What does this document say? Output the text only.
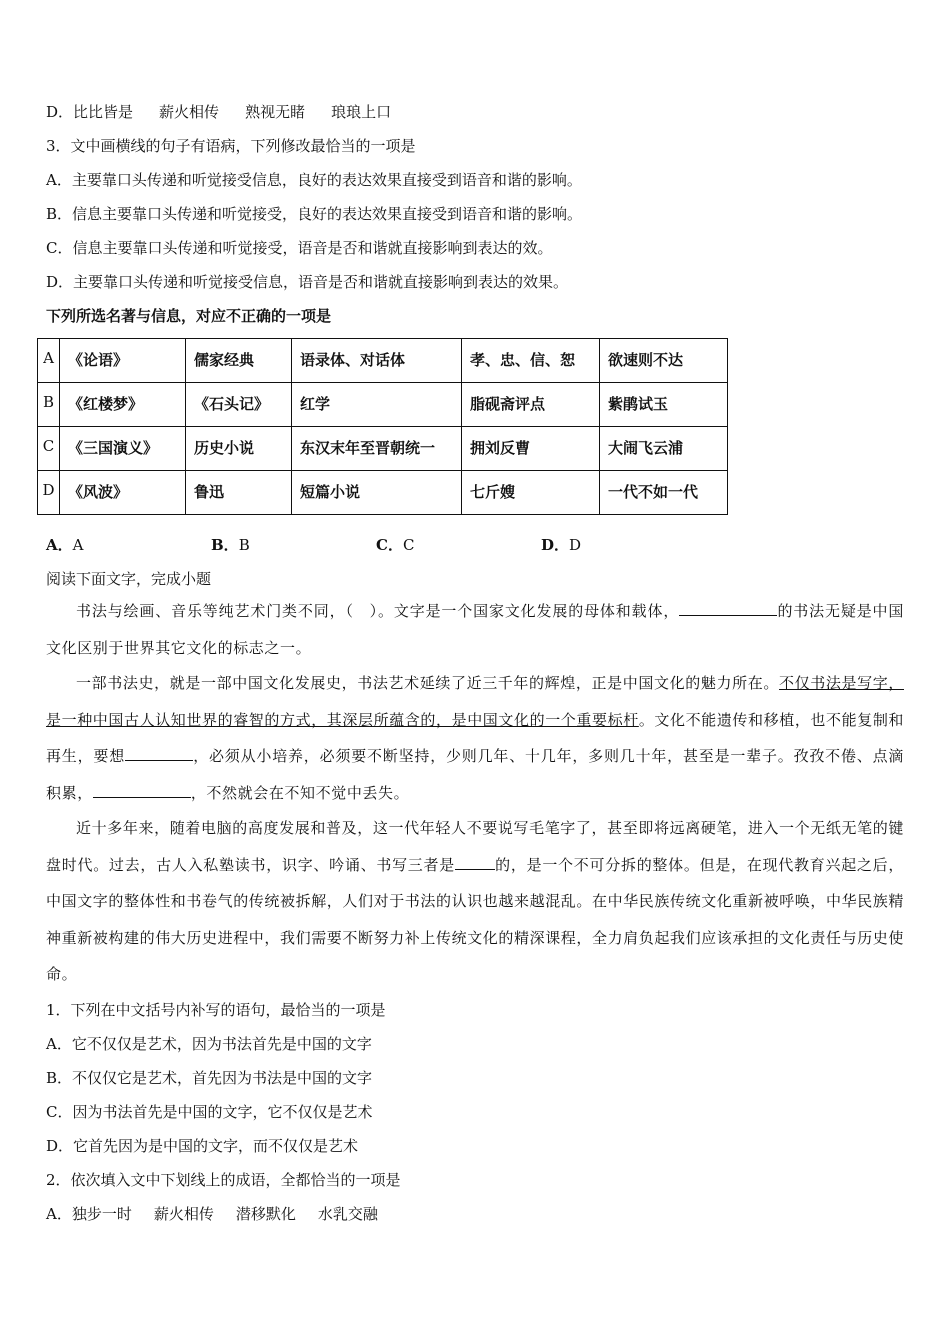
D．比比皆是 薪火相传 熟视无睹 琅琅上口
3．文中画横线的句子有语病，下列修改最恰当的一项是
A．主要靠口头传递和听觉接受信息，良好的表达效果直接受到语音和谐的影响。
B．信息主要靠口头传递和听觉接受，良好的表达效果直接受到语音和谐的影响。
C．信息主要靠口头传递和听觉接受，语音是否和谐就直接影响到表达的效。
D．主要靠口头传递和听觉接受信息，语音是否和谐就直接影响到表达的效果。
下列所选名著与信息，对应不正确的一项是
A	《论语》	儒家经典	语录体、对话体	孝、忠、信、恕	欲速则不达
B	《红楼梦》	《石头记》	红学	脂砚斋评点	紫鹃试玉
C	《三国演义》	历史小说	东汉末年至晋朝统一	拥刘反曹	大闹飞云浦
D	《风波》	鲁迅	短篇小说	七斤嫂	一代不如一代
A．A	B．B	C．C	D．D
阅读下面文字，完成小题
书法与绘画、音乐等纯艺术门类不同，（　）。文字是一个国家文化发展的母体和载体，	的书法无疑是中国文化区别于世界其它文化的标志之一。
一部书法史，就是一部中国文化发展史，书法艺术延续了近三千年的辉煌，正是中国文化的魅力所在。不仅书法是写字，是一种中国古人认知世界的睿智的方式，其深层所蕴含的，是中国文化的一个重要标杆。文化不能遗传和移植，也不能复制和再生，要想	，必须从小培养，必须要不断坚持，少则几年、十几年，多则几十年，甚至是一辈子。孜孜不倦、点滴积累，	，不然就会在不知不觉中丢失。
近十多年来，随着电脑的高度发展和普及，这一代年轻人不要说写毛笔字了，甚至即将远离硬笔，进入一个无纸无笔的键盘时代。过去，古人入私塾读书，识字、吟诵、书写三者是	的，是一个不可分拆的整体。但是，在现代教育兴起之后，中国文字的整体性和书卷气的传统被拆解，人们对于书法的认识也越来越混乱。在中华民族传统文化重新被呼唤，中华民族精神重新被构建的伟大历史进程中，我们需要不断努力补上传统文化的精深课程，全力肩负起我们应该承担的文化责任与历史使命。
1．下列在中文括号内补写的语句，最恰当的一项是
A．它不仅仅是艺术，因为书法首先是中国的文字
B．不仅仅它是艺术，首先因为书法是中国的文字
C．因为书法首先是中国的文字，它不仅仅是艺术
D．它首先因为是中国的文字，而不仅仅是艺术
2．依次填入文中下划线上的成语，全都恰当的一项是
A．独步一时 薪火相传 潜移默化 水乳交融
